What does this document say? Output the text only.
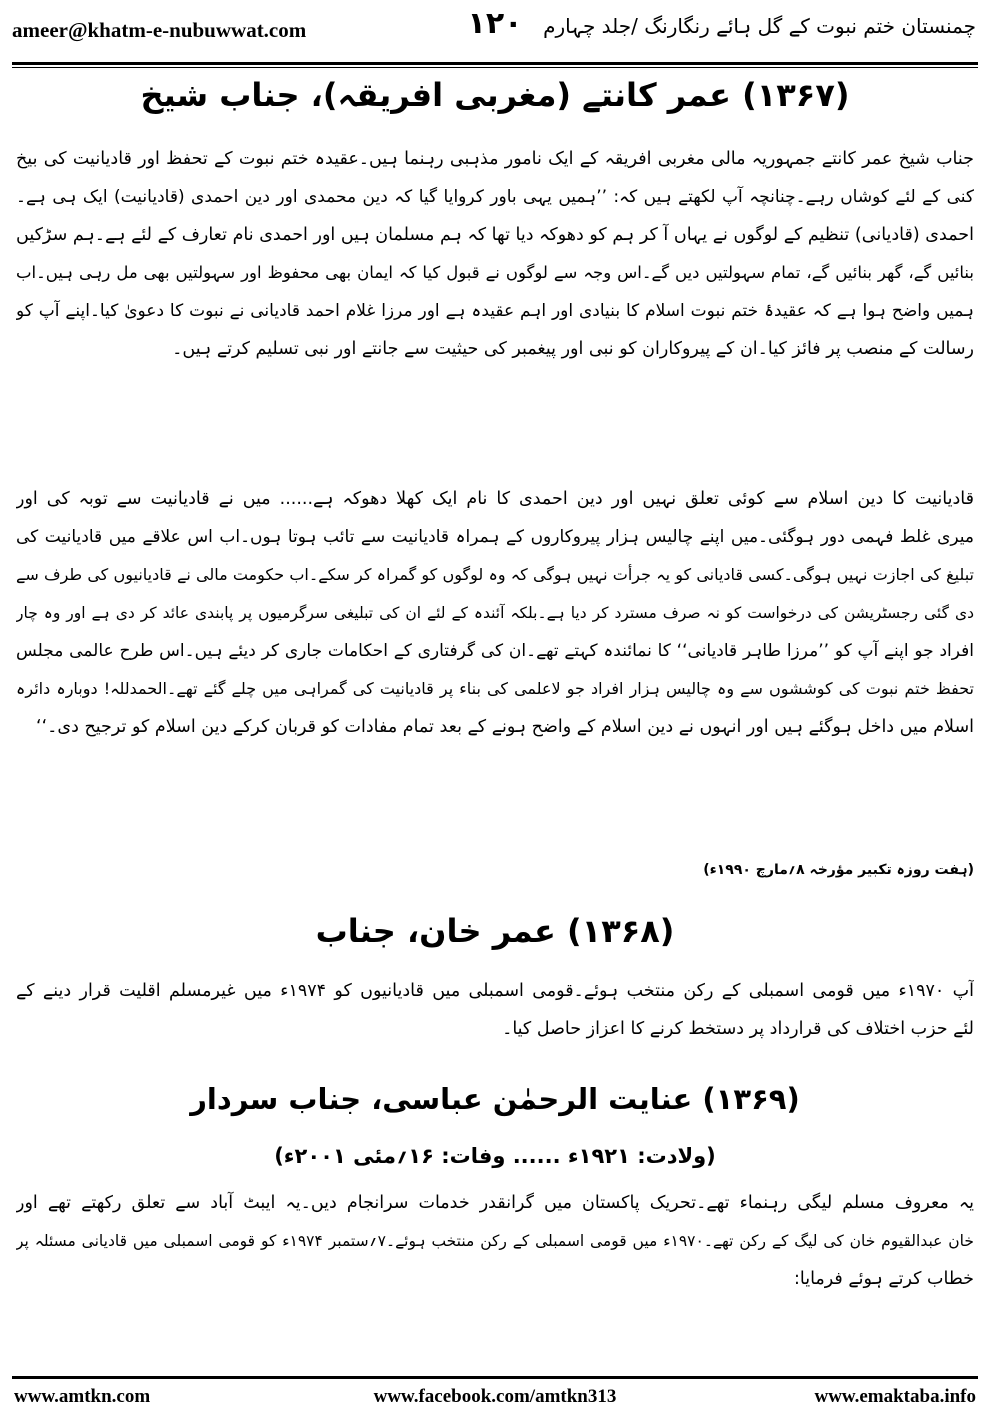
ameer@khatm-e-nubuwwat.com	۱۲۰	چمنستان ختم نبوت کے گل ہائے رنگارنگ /جلد چہارم
(۱۳۶۷) عمر کانتے (مغربی افریقہ)، جناب شیخ
جناب شیخ عمر کانتے جمہوریہ مالی مغربی افریقہ کے ایک نامور مذہبی رہنما ہیں۔عقیدہ ختم نبوت کے تحفظ اور قادیانیت کی بیخ
کنی کے لئے کوشاں رہے۔چنانچہ آپ لکھتے ہیں کہ: ’’ہمیں یہی باور کروایا گیا کہ دین محمدی اور دین احمدی (قادیانیت) ایک ہی ہے۔
احمدی (قادیانی) تنظیم کے لوگوں نے یہاں آ کر ہم کو دھوکہ دیا تھا کہ ہم مسلمان ہیں اور احمدی نام تعارف کے لئے ہے۔ہم سڑکیں
بنائیں گے، گھر بنائیں گے، تمام سہولتیں دیں گے۔اس وجہ سے لوگوں نے قبول کیا کہ ایمان بھی محفوظ اور سہولتیں بھی مل رہی ہیں۔اب
ہمیں واضح ہوا ہے کہ عقیدۂ ختم نبوت اسلام کا بنیادی اور اہم عقیدہ ہے اور مرزا غلام احمد قادیانی نے نبوت کا دعویٰ کیا۔اپنے آپ کو
رسالت کے منصب پر فائز کیا۔ان کے پیروکاران کو نبی اور پیغمبر کی حیثیت سے جانتے اور نبی تسلیم کرتے ہیں۔
قادیانیت کا دین اسلام سے کوئی تعلق نہیں اور دین احمدی کا نام ایک کھلا دھوکہ ہے...... میں نے قادیانیت سے توبہ کی اور
میری غلط فہمی دور ہوگئی۔میں اپنے چالیس ہزار پیروکاروں کے ہمراہ قادیانیت سے تائب ہوتا ہوں۔اب اس علاقے میں قادیانیت کی
تبلیغ کی اجازت نہیں ہوگی۔کسی قادیانی کو یہ جرأت نہیں ہوگی کہ وہ لوگوں کو گمراہ کر سکے۔اب حکومت مالی نے قادیانیوں کی طرف سے
دی گئی رجسٹریشن کی درخواست کو نہ صرف مسترد کر دیا ہے۔بلکہ آئندہ کے لئے ان کی تبلیغی سرگرمیوں پر پابندی عائد کر دی ہے اور وہ چار
افراد جو اپنے آپ کو ’’مرزا طاہر قادیانی‘‘ کا نمائندہ کہتے تھے۔ان کی گرفتاری کے احکامات جاری کر دیئے ہیں۔اس طرح عالمی مجلس
تحفظ ختم نبوت کی کوششوں سے وہ چالیس ہزار افراد جو لاعلمی کی بناء پر قادیانیت کی گمراہی میں چلے گئے تھے۔الحمدللہ! دوبارہ دائرہ
اسلام میں داخل ہوگئے ہیں اور انہوں نے دین اسلام کے واضح ہونے کے بعد تمام مفادات کو قربان کرکے دین اسلام کو ترجیح دی۔‘‘
(ہفت روزہ تکبیر مؤرخہ ۸؍مارچ ۱۹۹۰ء)
(۱۳۶۸) عمر خان، جناب
آپ ۱۹۷۰ء میں قومی اسمبلی کے رکن منتخب ہوئے۔قومی اسمبلی میں قادیانیوں کو ۱۹۷۴ء میں غیرمسلم اقلیت قرار دینے کے
لئے حزب اختلاف کی قرارداد پر دستخط کرنے کا اعزاز حاصل کیا۔
(۱۳۶۹) عنایت الرحمٰن عباسی، جناب سردار
(ولادت: ۱۹۲۱ء ...... وفات: ۱۶؍مئی ۲۰۰۱ء)
یہ معروف مسلم لیگی رہنماء تھے۔تحریک پاکستان میں گرانقدر خدمات سرانجام دیں۔یہ ایبٹ آباد سے تعلق رکھتے تھے اور
خان عبدالقیوم خان کی لیگ کے رکن تھے۔۱۹۷۰ء میں قومی اسمبلی کے رکن منتخب ہوئے۔۷؍ستمبر ۱۹۷۴ء کو قومی اسمبلی میں قادیانی مسئلہ پر
خطاب کرتے ہوئے فرمایا:
www.amtkn.com	www.facebook.com/amtkn313	www.emaktaba.info
